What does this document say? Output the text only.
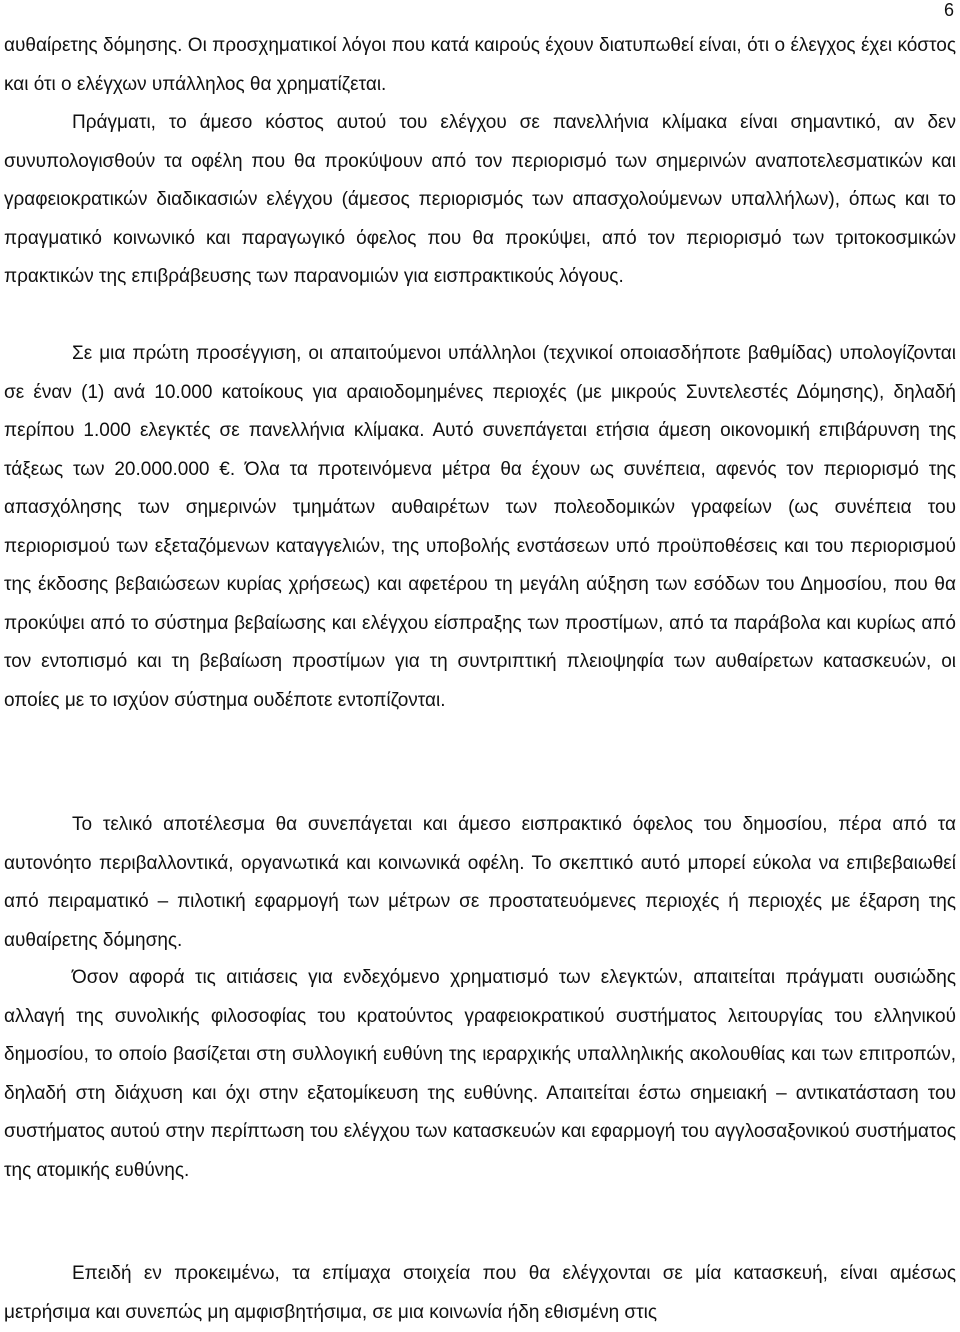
6

αυθαίρετης δόμησης. Οι προσχηματικοί λόγοι που κατά καιρούς έχουν διατυπωθεί είναι, ότι ο έλεγχος έχει κόστος και ότι ο ελέγχων υπάλληλος θα χρηματίζεται.

Πράγματι, το άμεσο κόστος αυτού του ελέγχου σε πανελλήνια κλίμακα είναι σημαντικό, αν δεν συνυπολογισθούν τα οφέλη που θα προκύψουν από τον περιορισμό των σημερινών αναποτελεσματικών και γραφειοκρατικών διαδικασιών ελέγχου (άμεσος περιορισμός των απασχολούμενων υπαλλήλων), όπως και το πραγματικό κοινωνικό και παραγωγικό όφελος που θα προκύψει, από τον περιορισμό των τριτοκοσμικών πρακτικών της επιβράβευσης των παρανομιών για εισπρακτικούς λόγους.

Σε μια πρώτη προσέγγιση, οι απαιτούμενοι υπάλληλοι (τεχνικοί οποιασδήποτε βαθμίδας) υπολογίζονται σε έναν (1) ανά 10.000 κατοίκους για αραιοδομημένες περιοχές (με μικρούς Συντελεστές Δόμησης), δηλαδή περίπου 1.000 ελεγκτές σε πανελλήνια κλίμακα. Αυτό συνεπάγεται ετήσια άμεση οικονομική επιβάρυνση της τάξεως των 20.000.000 €. Όλα τα προτεινόμενα μέτρα θα έχουν ως συνέπεια, αφενός τον περιορισμό της απασχόλησης των σημερινών τμημάτων αυθαιρέτων των πολεοδομικών γραφείων (ως συνέπεια του περιορισμού των εξεταζόμενων καταγγελιών, της υποβολής ενστάσεων υπό προϋποθέσεις και του περιορισμού της έκδοσης βεβαιώσεων κυρίας χρήσεως) και αφετέρου τη μεγάλη αύξηση των εσόδων του Δημοσίου, που θα προκύψει από το σύστημα βεβαίωσης και ελέγχου είσπραξης των προστίμων, από τα παράβολα και κυρίως από τον εντοπισμό και τη βεβαίωση προστίμων για τη συντριπτική πλειοψηφία των αυθαίρετων κατασκευών, οι οποίες με το ισχύον σύστημα ουδέποτε εντοπίζονται.

Το τελικό αποτέλεσμα θα συνεπάγεται και άμεσο εισπρακτικό όφελος του δημοσίου, πέρα από τα αυτονόητο περιβαλλοντικά, οργανωτικά και κοινωνικά οφέλη. Το σκεπτικό αυτό μπορεί εύκολα να επιβεβαιωθεί από πειραματικό – πιλοτική εφαρμογή των μέτρων σε προστατευόμενες περιοχές ή περιοχές με έξαρση της αυθαίρετης δόμησης.

Όσον αφορά τις αιτιάσεις για ενδεχόμενο χρηματισμό των ελεγκτών, απαιτείται πράγματι ουσιώδης αλλαγή της συνολικής φιλοσοφίας του κρατούντος γραφειοκρατικού συστήματος λειτουργίας του ελληνικού δημοσίου, το οποίο βασίζεται στη συλλογική ευθύνη της ιεραρχικής υπαλληλικής ακολουθίας και των επιτροπών, δηλαδή στη διάχυση και όχι στην εξατομίκευση της ευθύνης. Απαιτείται έστω σημειακή – αντικατάσταση του συστήματος αυτού στην περίπτωση του ελέγχου των κατασκευών και εφαρμογή του αγγλοσαξονικού συστήματος της ατομικής ευθύνης.

Επειδή εν προκειμένω, τα επίμαχα στοιχεία που θα ελέγχονται σε μία κατασκευή, είναι αμέσως μετρήσιμα και συνεπώς μη αμφισβητήσιμα, σε μια κοινωνία ήδη εθισμένη στις
